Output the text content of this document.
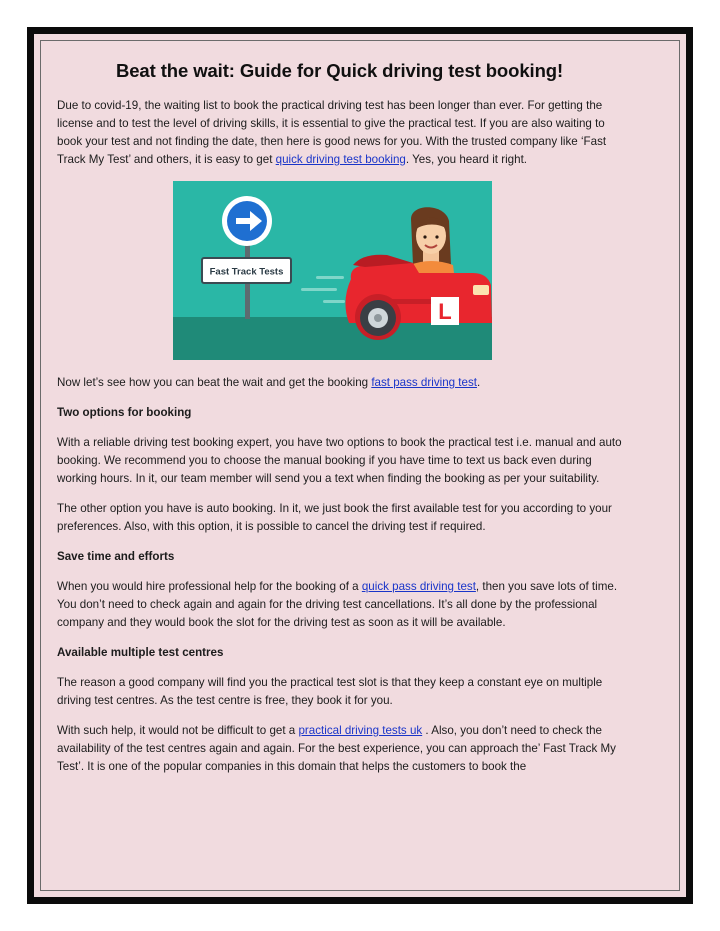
Beat the wait: Guide for Quick driving test booking!

Due to covid-19, the waiting list to book the practical driving test has been longer than ever. For getting the license and to test the level of driving skills, it is essential to give the practical test. If you are also waiting to book your test and not finding the date, then here is good news for you. With the trusted company like ‘Fast Track My Test’ and others, it is easy to get quick driving test booking. Yes, you heard it right.

Fast Track Tests
L

Now let’s see how you can beat the wait and get the booking fast pass driving test.

Two options for booking

With a reliable driving test booking expert, you have two options to book the practical test i.e. manual and auto booking. We recommend you to choose the manual booking if you have time to text us back even during working hours. In it, our team member will send you a text when finding the booking as per your suitability.

The other option you have is auto booking. In it, we just book the first available test for you according to your preferences. Also, with this option, it is possible to cancel the driving test if required.

Save time and efforts

When you would hire professional help for the booking of a quick pass driving test, then you save lots of time. You don’t need to check again and again for the driving test cancellations. It’s all done by the professional company and they would book the slot for the driving test as soon as it will be available.

Available multiple test centres

The reason a good company will find you the practical test slot is that they keep a constant eye on multiple driving test centres. As the test centre is free, they book it for you.

With such help, it would not be difficult to get a practical driving tests uk . Also, you don’t need to check the availability of the test centres again and again. For the best experience, you can approach the’ Fast Track My Test’. It is one of the popular companies in this domain that helps the customers to book the
